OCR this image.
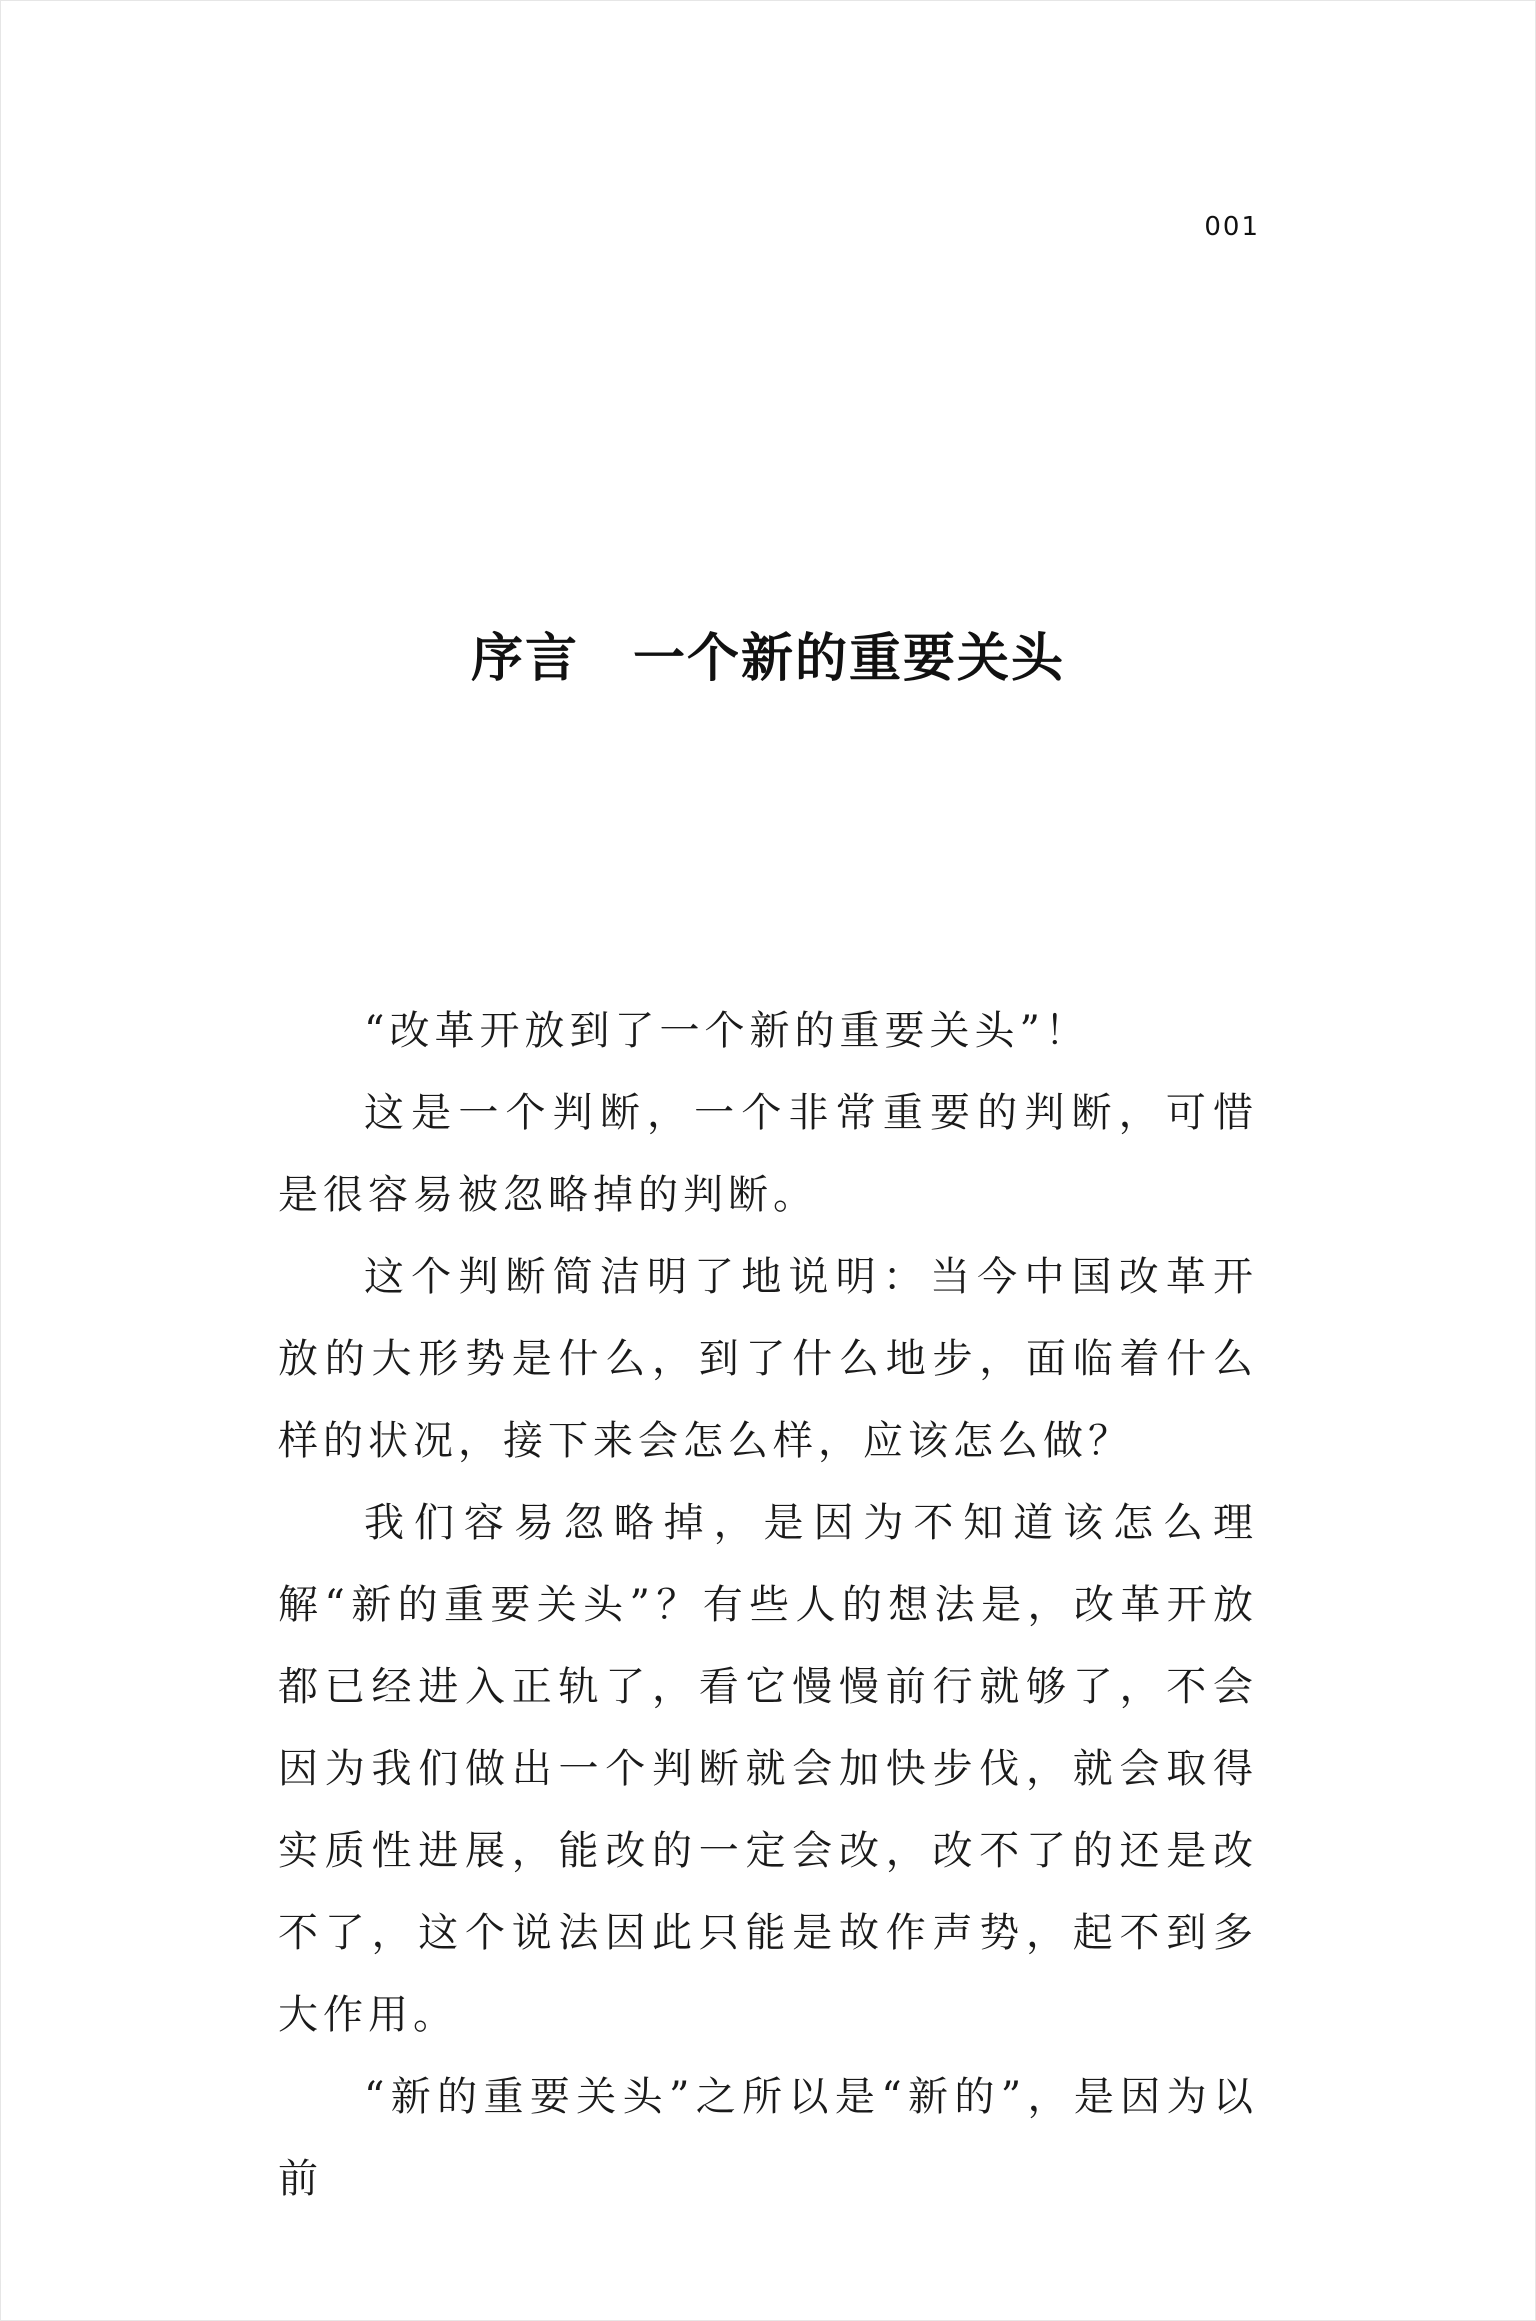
001
序言　一个新的重要关头

“改革开放到了一个新的重要关头”！

这是一个判断，一个非常重要的判断，可惜是很容易被忽略掉的判断。

这个判断简洁明了地说明：当今中国改革开放的大形势是什么，到了什么地步，面临着什么样的状况，接下来会怎么样，应该怎么做？

我们容易忽略掉，是因为不知道该怎么理解“新的重要关头”？有些人的想法是，改革开放都已经进入正轨了，看它慢慢前行就够了，不会因为我们做出一个判断就会加快步伐，就会取得实质性进展，能改的一定会改，改不了的还是改不了，这个说法因此只能是故作声势，起不到多大作用。

“新的重要关头”之所以是“新的”，是因为以前
